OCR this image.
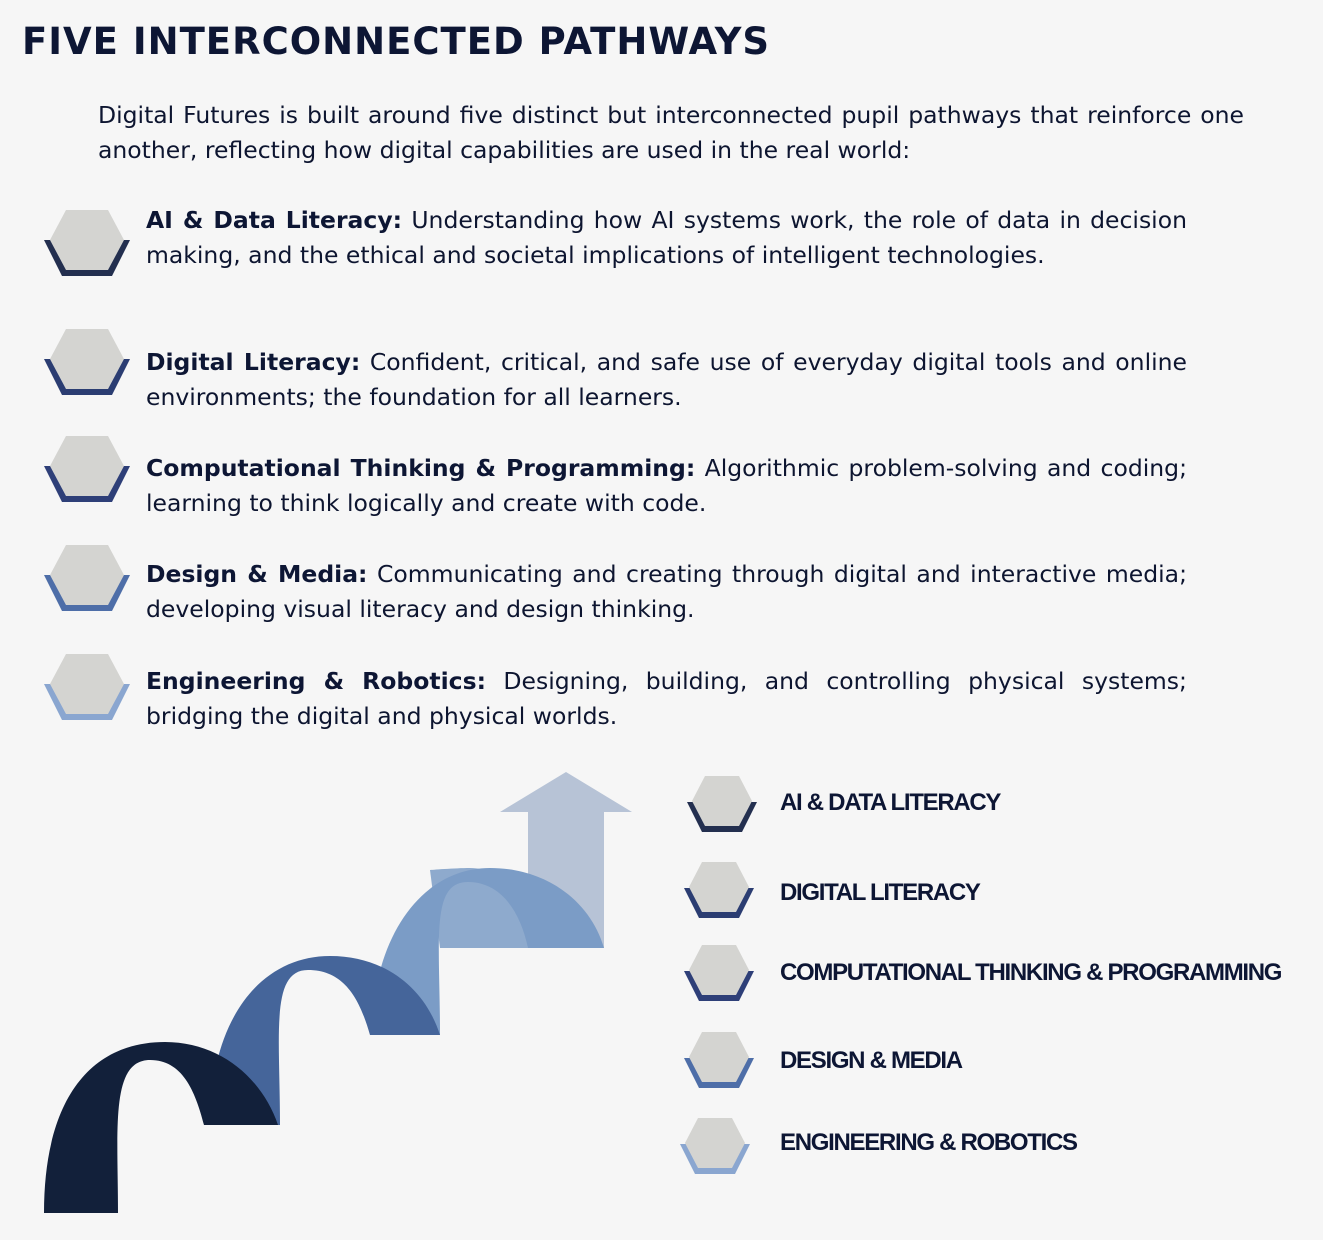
FIVE INTERCONNECTED PATHWAYS

Digital Futures is built around five distinct but interconnected pupil pathways that reinforce one another, reflecting how digital capabilities are used in the real world:

AI & Data Literacy: Understanding how AI systems work, the role of data in decision making, and the ethical and societal implications of intelligent technologies.
Digital Literacy: Confident, critical, and safe use of everyday digital tools and online environments; the foundation for all learners.
Computational Thinking & Programming: Algorithmic problem-solving and coding; learning to think logically and create with code.
Design & Media: Communicating and creating through digital and interactive media; developing visual literacy and design thinking.
Engineering & Robotics: Designing, building, and controlling physical systems; bridging the digital and physical worlds.
AI & DATA LITERACY
DIGITAL LITERACY
COMPUTATIONAL THINKING & PROGRAMMING
DESIGN & MEDIA
ENGINEERING & ROBOTICS
